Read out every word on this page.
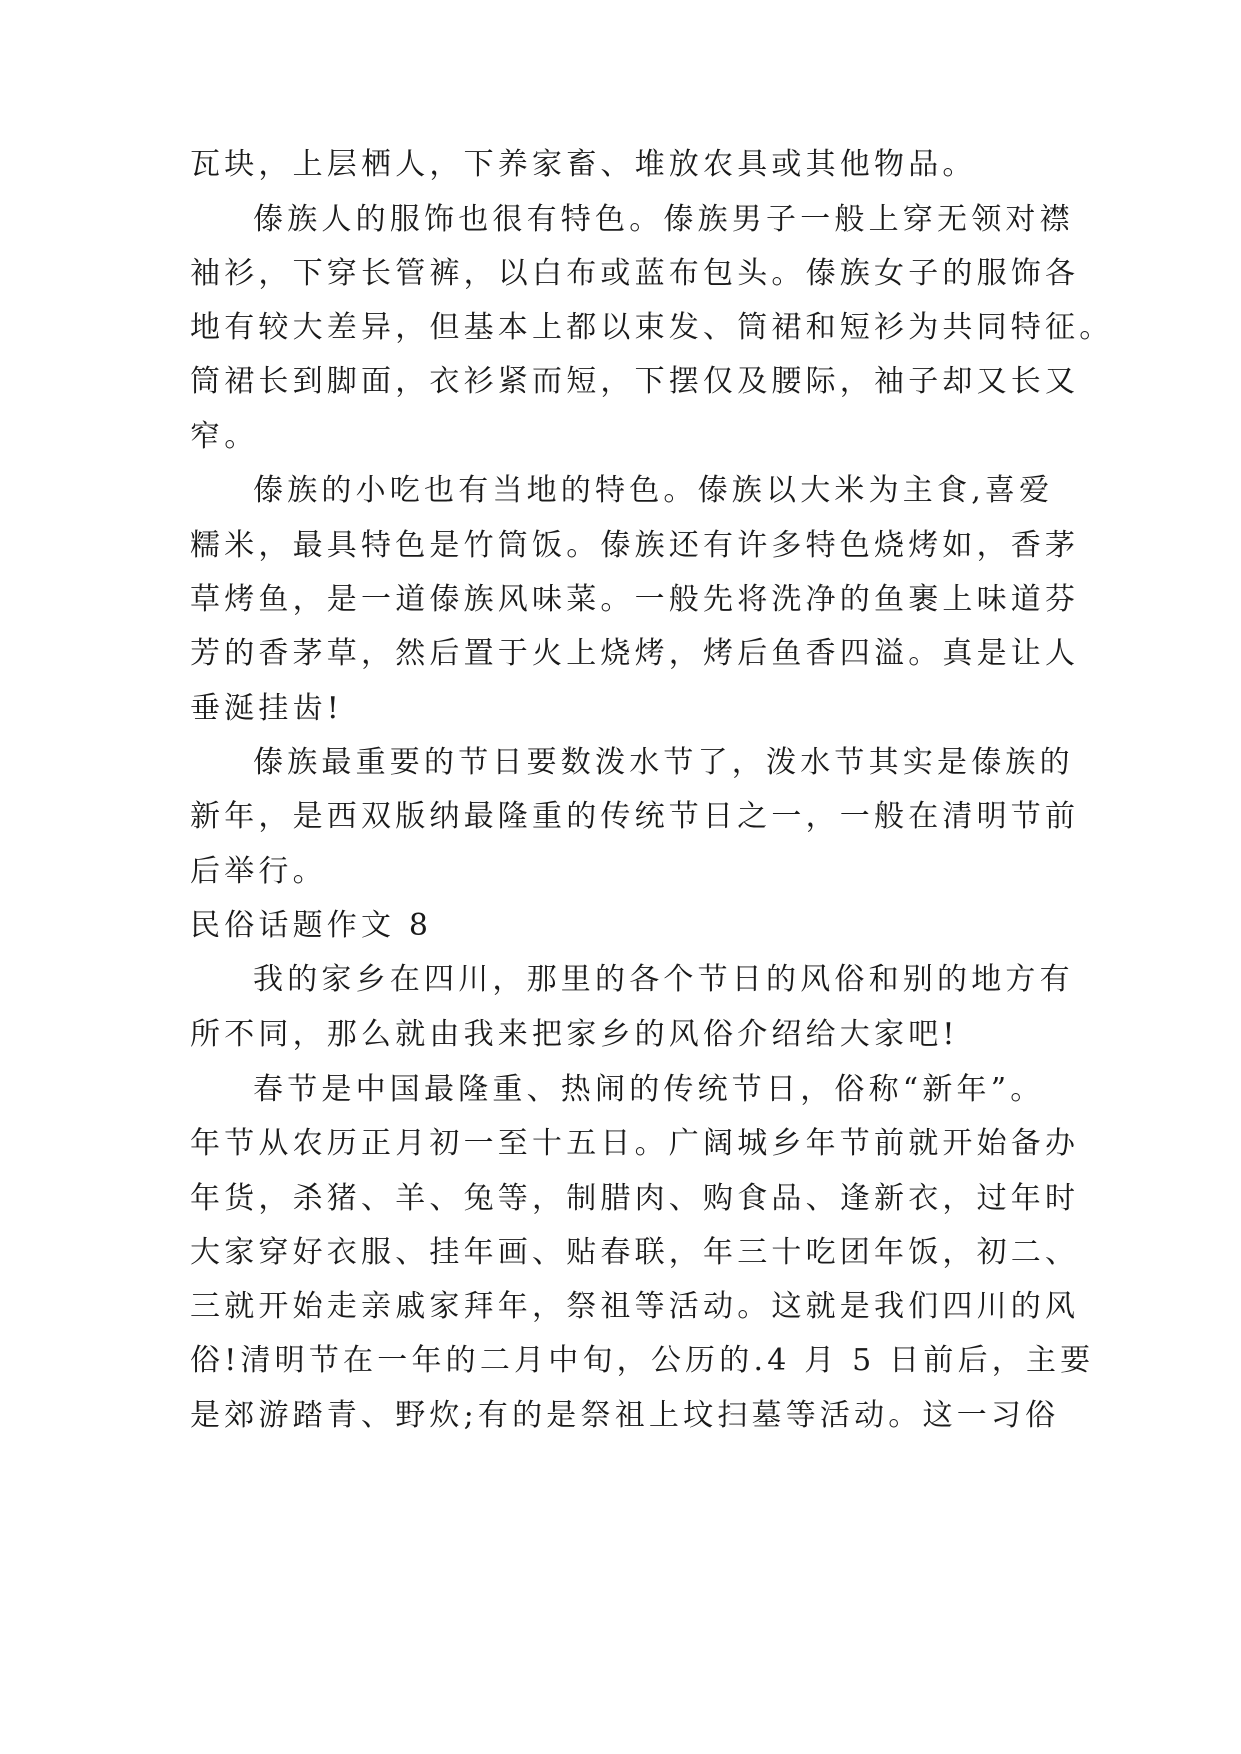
瓦块，上层栖人，下养家畜、堆放农具或其他物品。
傣族人的服饰也很有特色。傣族男子一般上穿无领对襟
袖衫，下穿长管裤，以白布或蓝布包头。傣族女子的服饰各
地有较大差异，但基本上都以束发、筒裙和短衫为共同特征。
筒裙长到脚面，衣衫紧而短，下摆仅及腰际，袖子却又长又
窄。
傣族的小吃也有当地的特色。傣族以大米为主食,喜爱
糯米，最具特色是竹筒饭。傣族还有许多特色烧烤如，香茅
草烤鱼，是一道傣族风味菜。一般先将洗净的鱼裹上味道芬
芳的香茅草，然后置于火上烧烤，烤后鱼香四溢。真是让人
垂涎挂齿!
傣族最重要的节日要数泼水节了，泼水节其实是傣族的
新年，是西双版纳最隆重的传统节日之一，一般在清明节前
后举行。
民俗话题作文 8
我的家乡在四川，那里的各个节日的风俗和别的地方有
所不同，那么就由我来把家乡的风俗介绍给大家吧!
春节是中国最隆重、热闹的传统节日，俗称“新年”。
年节从农历正月初一至十五日。广阔城乡年节前就开始备办
年货，杀猪、羊、兔等，制腊肉、购食品、逢新衣，过年时
大家穿好衣服、挂年画、贴春联，年三十吃团年饭，初二、
三就开始走亲戚家拜年，祭祖等活动。这就是我们四川的风
俗!清明节在一年的二月中旬，公历的.4 月 5 日前后，主要
是郊游踏青、野炊;有的是祭祖上坟扫墓等活动。这一习俗
